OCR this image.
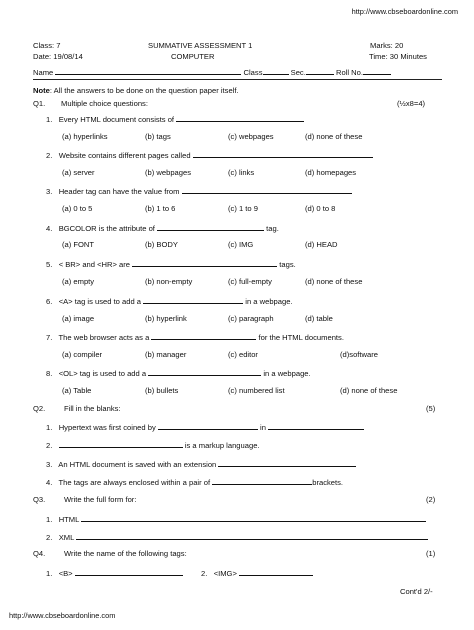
http://www.cbseboardonline.com
Class: 7	SUMMATIVE ASSESSMENT 1	Marks: 20
Date: 19/08/14	COMPUTER	Time: 30 Minutes
Name	Class	Sec.	Roll No.
Note: All the answers to be done on the question paper itself.
Q1. Multiple choice questions:	(½x8=4)
1. Every HTML document consists of
(a) hyperlinks	(b) tags	(c) webpages	(d) none of these
2. Website contains different pages called
(a) server	(b) webpages	(c) links	(d) homepages
3. Header tag can have the value from
(a) 0 to 5	(b) 1 to 6	(c) 1 to 9	(d) 0 to 8
4. BGCOLOR is the attribute of	tag.
(a) FONT	(b) BODY	(c) IMG	(d) HEAD
5. < BR> and <HR> are	tags.
(a) empty	(b) non-empty	(c) full-empty	(d) none of these
6. <A> tag is used to add a	in a webpage.
(a) image	(b) hyperlink	(c) paragraph	(d) table
7. The web browser acts as a	for the HTML documents.
(a) compiler	(b) manager	(c) editor	(d)software
8. <OL> tag is used to add a	in a webpage.
(a) Table	(b) bullets	(c) numbered list	(d) none of these
Q2. Fill in the blanks:	(5)
1. Hypertext was first coined by	in
2.	is a markup language.
3. An HTML document is saved with an extension
4. The tags are always enclosed within a pair of	brackets.
Q3. Write the full form for:	(2)
1. HTML
2. XML
Q4. Write the name of the following tags:	(1)
1. <B>	2. <IMG>
Cont'd 2/-
http://www.cbseboardonline.com
